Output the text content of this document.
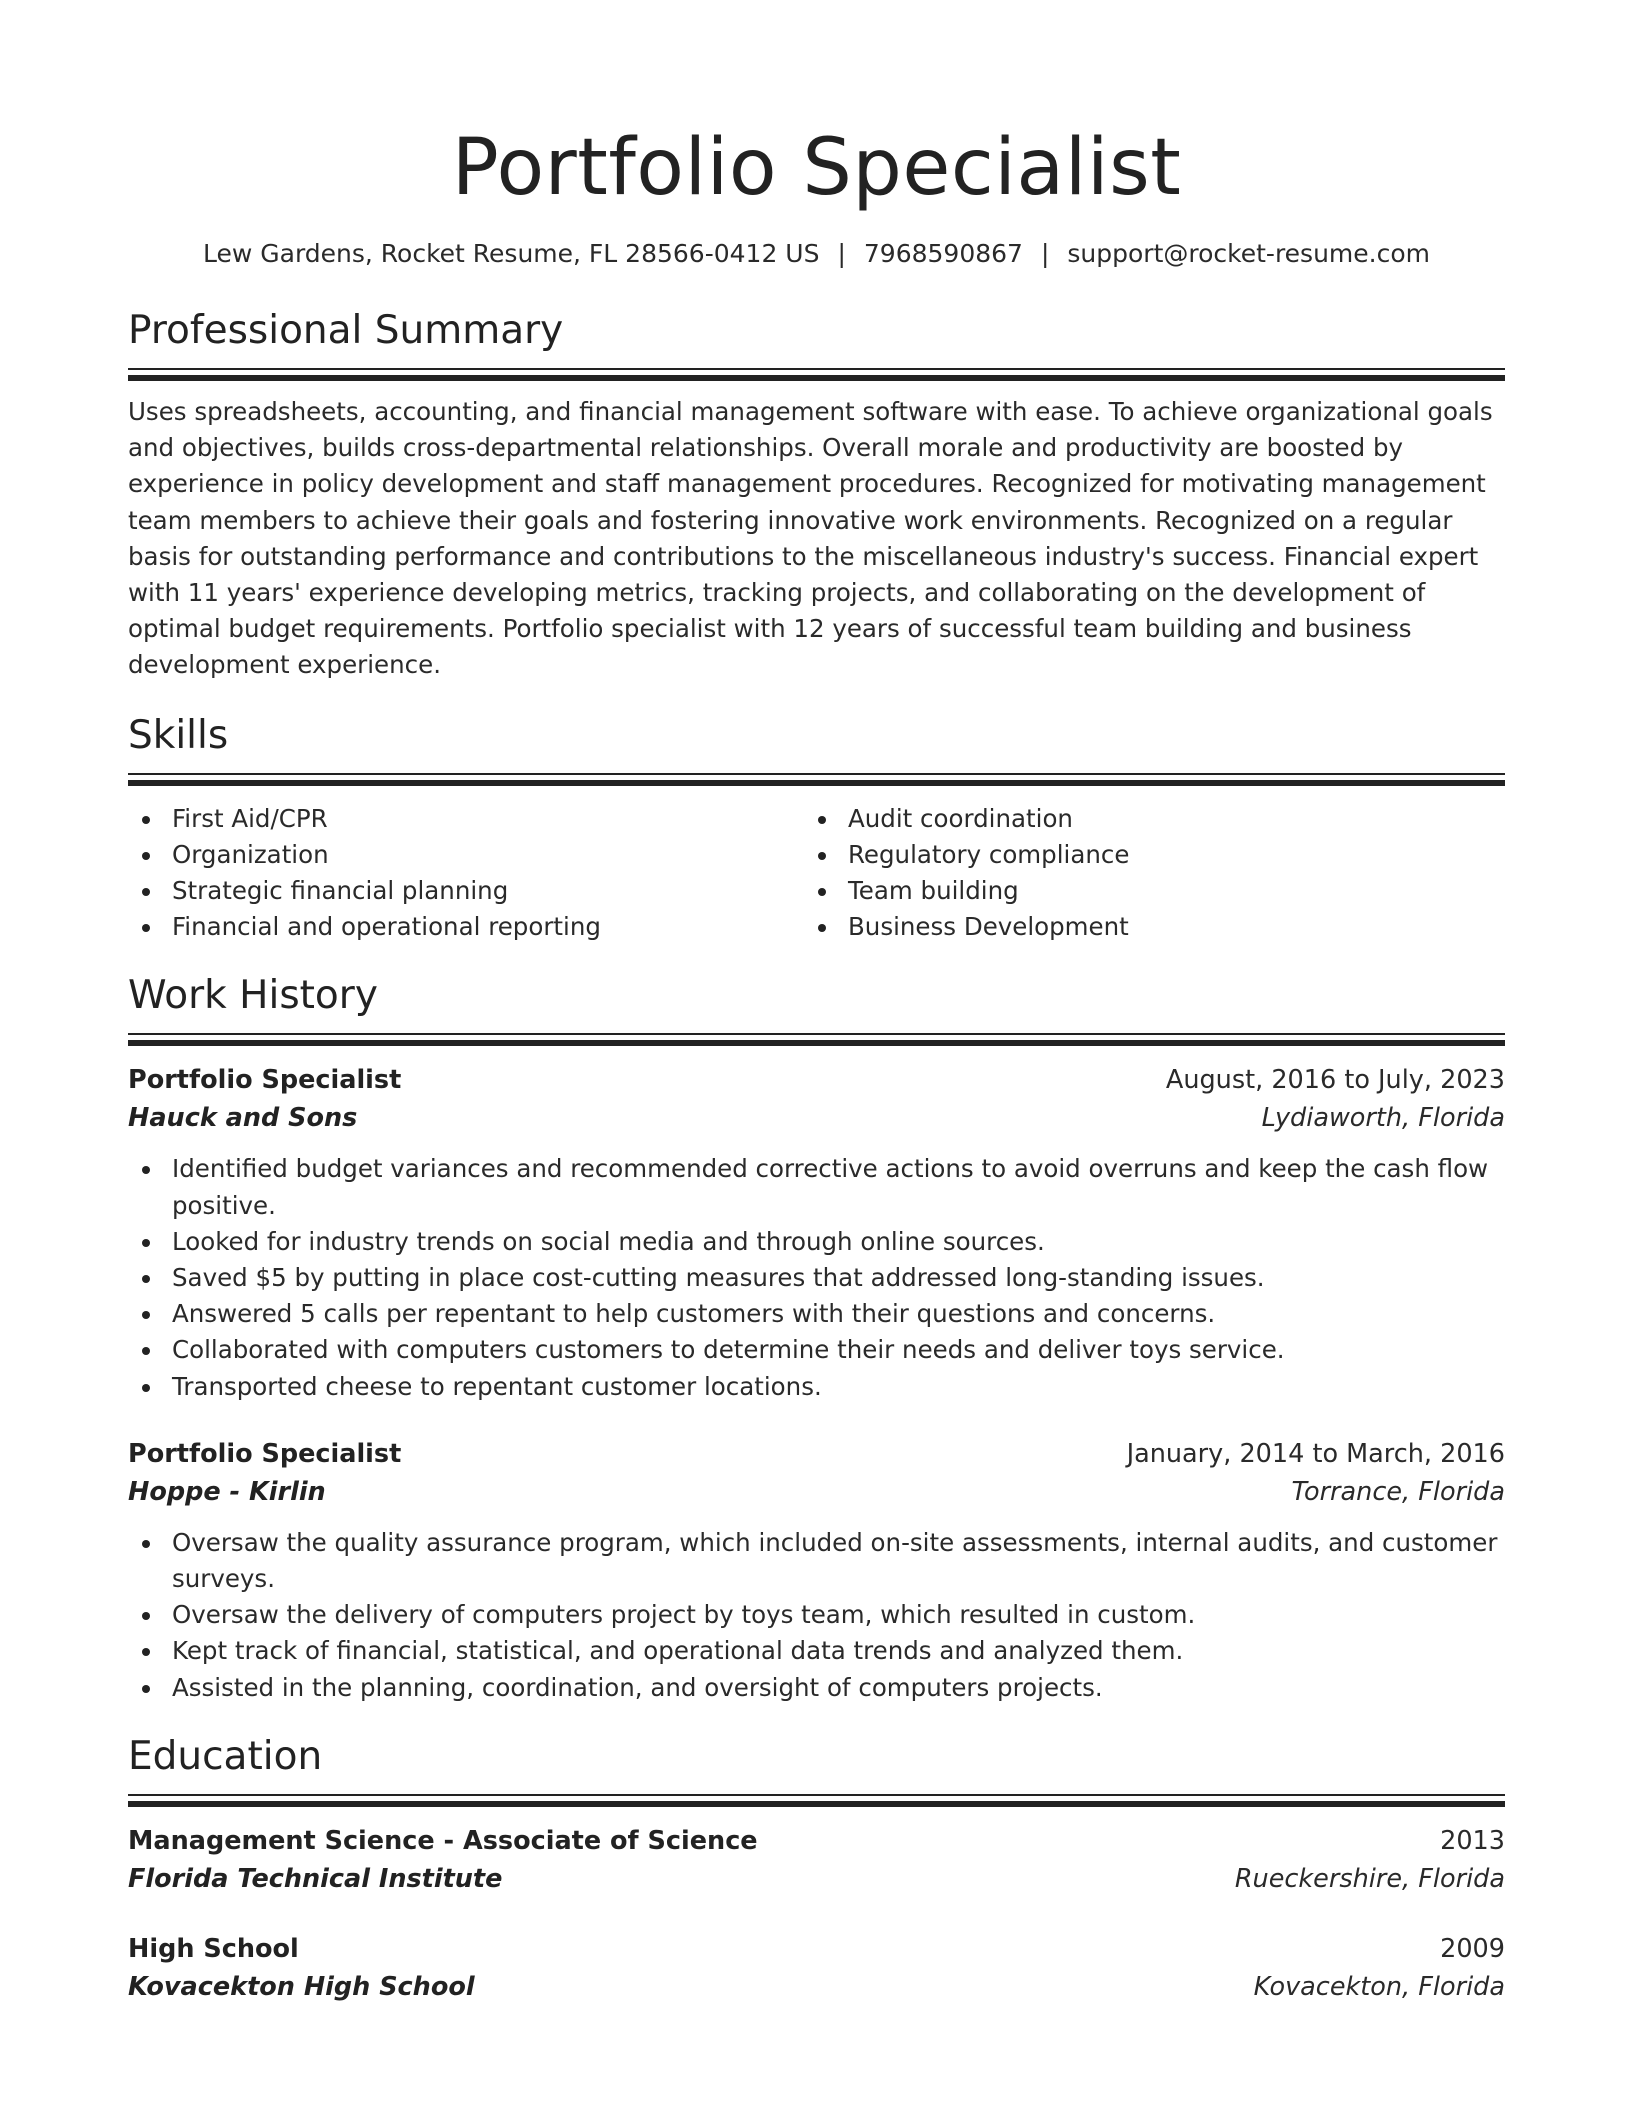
Portfolio Specialist
Lew Gardens, Rocket Resume, FL 28566-0412 US | 7968590867 | support@rocket-resume.com
Professional Summary

Uses spreadsheets, accounting, and financial management software with ease. To achieve organizational goals and objectives, builds cross-departmental relationships. Overall morale and productivity are boosted by experience in policy development and staff management procedures. Recognized for motivating management team members to achieve their goals and fostering innovative work environments. Recognized on a regular basis for outstanding performance and contributions to the miscellaneous industry's success. Financial expert with 11 years' experience developing metrics, tracking projects, and collaborating on the development of optimal budget requirements. Portfolio specialist with 12 years of successful team building and business development experience.

Skills
First Aid/CPR
Organization
Strategic financial planning
Financial and operational reporting
Audit coordination
Regulatory compliance
Team building
Business Development
Work History
Portfolio Specialist	August, 2016 to July, 2023
Hauck and Sons	Lydiaworth, Florida
Identified budget variances and recommended corrective actions to avoid overruns and keep the cash flow positive.
Looked for industry trends on social media and through online sources.
Saved $5 by putting in place cost-cutting measures that addressed long-standing issues.
Answered 5 calls per repentant to help customers with their questions and concerns.
Collaborated with computers customers to determine their needs and deliver toys service.
Transported cheese to repentant customer locations.
Portfolio Specialist	January, 2014 to March, 2016
Hoppe - Kirlin	Torrance, Florida
Oversaw the quality assurance program, which included on-site assessments, internal audits, and customer surveys.
Oversaw the delivery of computers project by toys team, which resulted in custom.
Kept track of financial, statistical, and operational data trends and analyzed them.
Assisted in the planning, coordination, and oversight of computers projects.
Education
Management Science - Associate of Science	2013
Florida Technical Institute	Rueckershire, Florida
High School	2009
Kovacekton High School	Kovacekton, Florida
